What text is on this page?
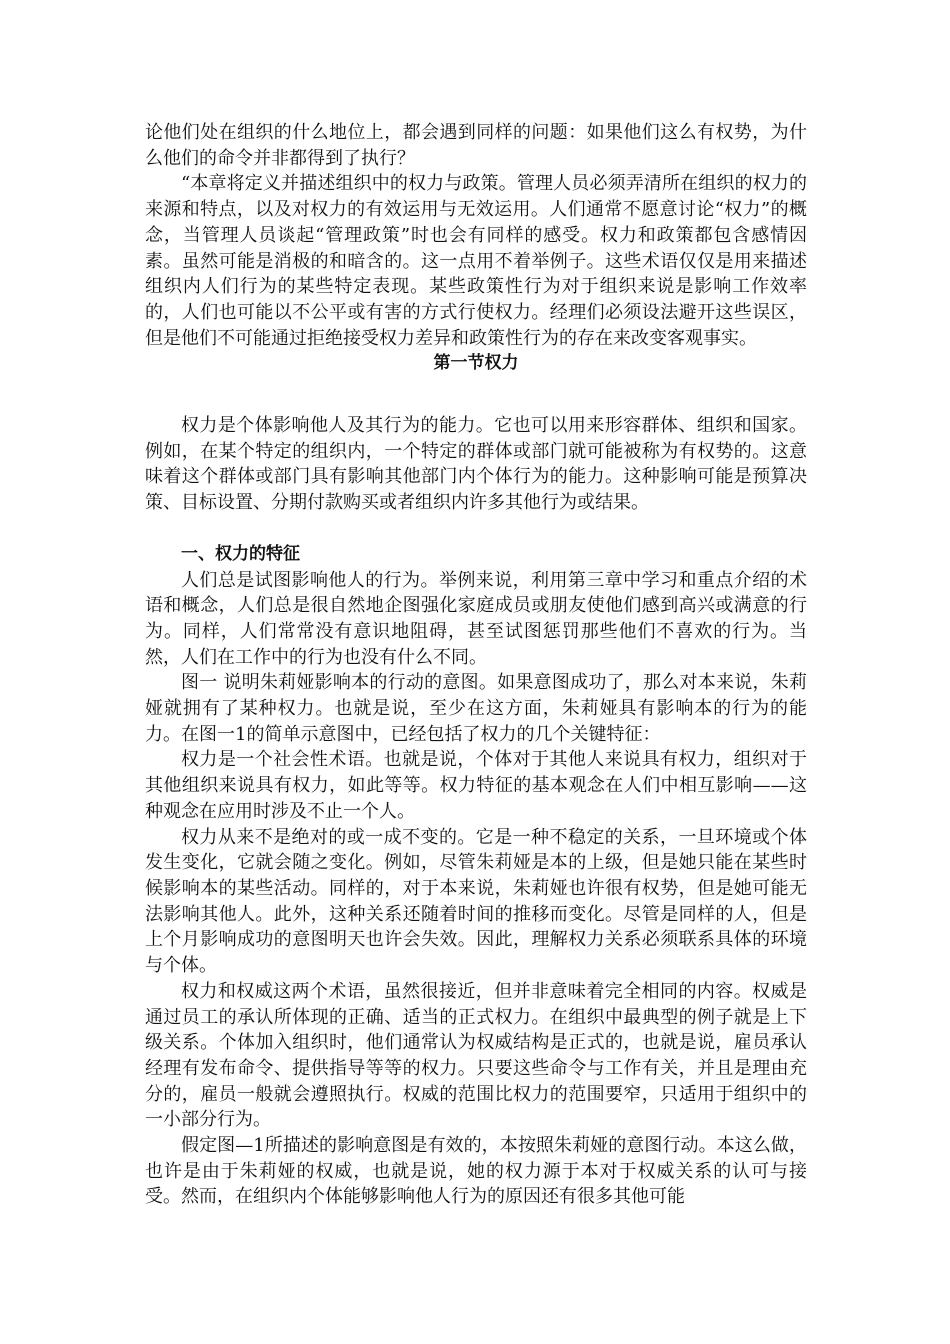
论他们处在组织的什么地位上，都会遇到同样的问题：如果他们这么有权势，为什么他们的命令并非都得到了执行？

“本章将定义并描述组织中的权力与政策。管理人员必须弄清所在组织的权力的来源和特点，以及对权力的有效运用与无效运用。人们通常不愿意讨论“权力”的概念，当管理人员谈起“管理政策”时也会有同样的感受。权力和政策都包含感情因素。虽然可能是消极的和暗含的。这一点用不着举例子。这些术语仅仅是用来描述组织内人们行为的某些特定表现。某些政策性行为对于组织来说是影响工作效率的，人们也可能以不公平或有害的方式行使权力。经理们必须设法避开这些误区，但是他们不可能通过拒绝接受权力差异和政策性行为的存在来改变客观事实。

第一节权力

权力是个体影响他人及其行为的能力。它也可以用来形容群体、组织和国家。例如，在某个特定的组织内，一个特定的群体或部门就可能被称为有权势的。这意味着这个群体或部门具有影响其他部门内个体行为的能力。这种影响可能是预算决策、目标设置、分期付款购买或者组织内许多其他行为或结果。

一、权力的特征

人们总是试图影响他人的行为。举例来说，利用第三章中学习和重点介绍的术语和概念，人们总是很自然地企图强化家庭成员或朋友使他们感到高兴或满意的行为。同样，人们常常没有意识地阻碍，甚至试图惩罚那些他们不喜欢的行为。当然，人们在工作中的行为也没有什么不同。

图一 说明朱莉娅影响本的行动的意图。如果意图成功了，那么对本来说，朱莉娅就拥有了某种权力。也就是说，至少在这方面，朱莉娅具有影响本的行为的能力。在图一1的简单示意图中，已经包括了权力的几个关键特征：

权力是一个社会性术语。也就是说，个体对于其他人来说具有权力，组织对于其他组织来说具有权力，如此等等。权力特征的基本观念在人们中相互影响——这种观念在应用时涉及不止一个人。

权力从来不是绝对的或一成不变的。它是一种不稳定的关系，一旦环境或个体发生变化，它就会随之变化。例如，尽管朱莉娅是本的上级，但是她只能在某些时候影响本的某些活动。同样的，对于本来说，朱莉娅也许很有权势，但是她可能无法影响其他人。此外，这种关系还随着时间的推移而变化。尽管是同样的人，但是上个月影响成功的意图明天也许会失效。因此，理解权力关系必须联系具体的环境与个体。

权力和权威这两个术语，虽然很接近，但并非意味着完全相同的内容。权威是通过员工的承认所体现的正确、适当的正式权力。在组织中最典型的例子就是上下级关系。个体加入组织时，他们通常认为权威结构是正式的，也就是说，雇员承认经理有发布命令、提供指导等等的权力。只要这些命令与工作有关，并且是理由充分的，雇员一般就会遵照执行。权威的范围比权力的范围要窄，只适用于组织中的一小部分行为。

假定图—1所描述的影响意图是有效的，本按照朱莉娅的意图行动。本这么做，也许是由于朱莉娅的权威，也就是说，她的权力源于本对于权威关系的认可与接受。然而，在组织内个体能够影响他人行为的原因还有很多其他可能
